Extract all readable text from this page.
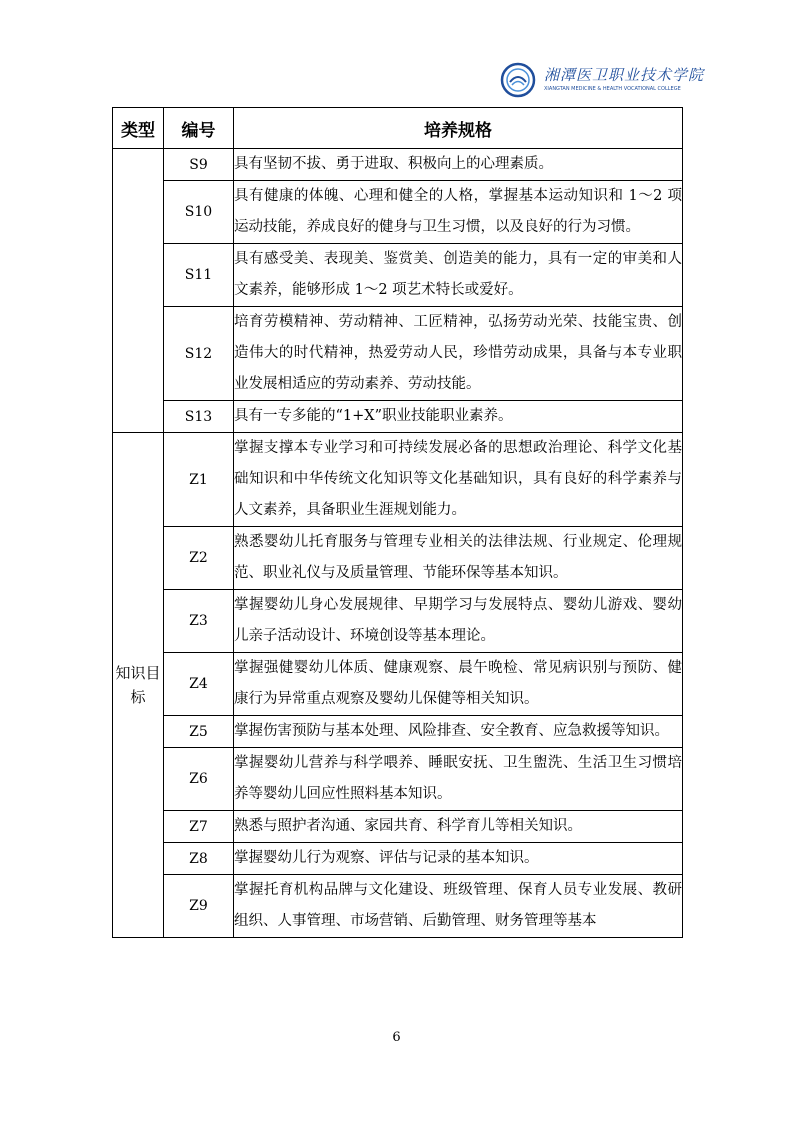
湘潭医卫职业技术学院
XIANGTAN MEDICINE & HEALTH VOCATIONAL COLLEGE
类型	编号	培养规格
	S9	具有坚韧不拔、勇于进取、积极向上的心理素质。
	S10	具有健康的体魄、心理和健全的人格，掌握基本运动知识和 1～2 项运动技能，养成良好的健身与卫生习惯，以及良好的行为习惯。
	S11	具有感受美、表现美、鉴赏美、创造美的能力，具有一定的审美和人文素养，能够形成 1～2 项艺术特长或爱好。
	S12	培育劳模精神、劳动精神、工匠精神，弘扬劳动光荣、技能宝贵、创造伟大的时代精神，热爱劳动人民，珍惜劳动成果，具备与本专业职业发展相适应的劳动素养、劳动技能。
	S13	具有一专多能的“1+X”职业技能职业素养。
知识目标	Z1	掌握支撑本专业学习和可持续发展必备的思想政治理论、科学文化基础知识和中华传统文化知识等文化基础知识，具有良好的科学素养与人文素养，具备职业生涯规划能力。
	Z2	熟悉婴幼儿托育服务与管理专业相关的法律法规、行业规定、伦理规范、职业礼仪与及质量管理、节能环保等基本知识。
	Z3	掌握婴幼儿身心发展规律、早期学习与发展特点、婴幼儿游戏、婴幼儿亲子活动设计、环境创设等基本理论。
	Z4	掌握强健婴幼儿体质、健康观察、晨午晚检、常见病识别与预防、健康行为异常重点观察及婴幼儿保健等相关知识。
	Z5	掌握伤害预防与基本处理、风险排查、安全教育、应急救援等知识。
	Z6	掌握婴幼儿营养与科学喂养、睡眠安抚、卫生盥洗、生活卫生习惯培养等婴幼儿回应性照料基本知识。
	Z7	熟悉与照护者沟通、家园共育、科学育儿等相关知识。
	Z8	掌握婴幼儿行为观察、评估与记录的基本知识。
	Z9	掌握托育机构品牌与文化建设、班级管理、保育人员专业发展、教研组织、人事管理、市场营销、后勤管理、财务管理等基本
6
